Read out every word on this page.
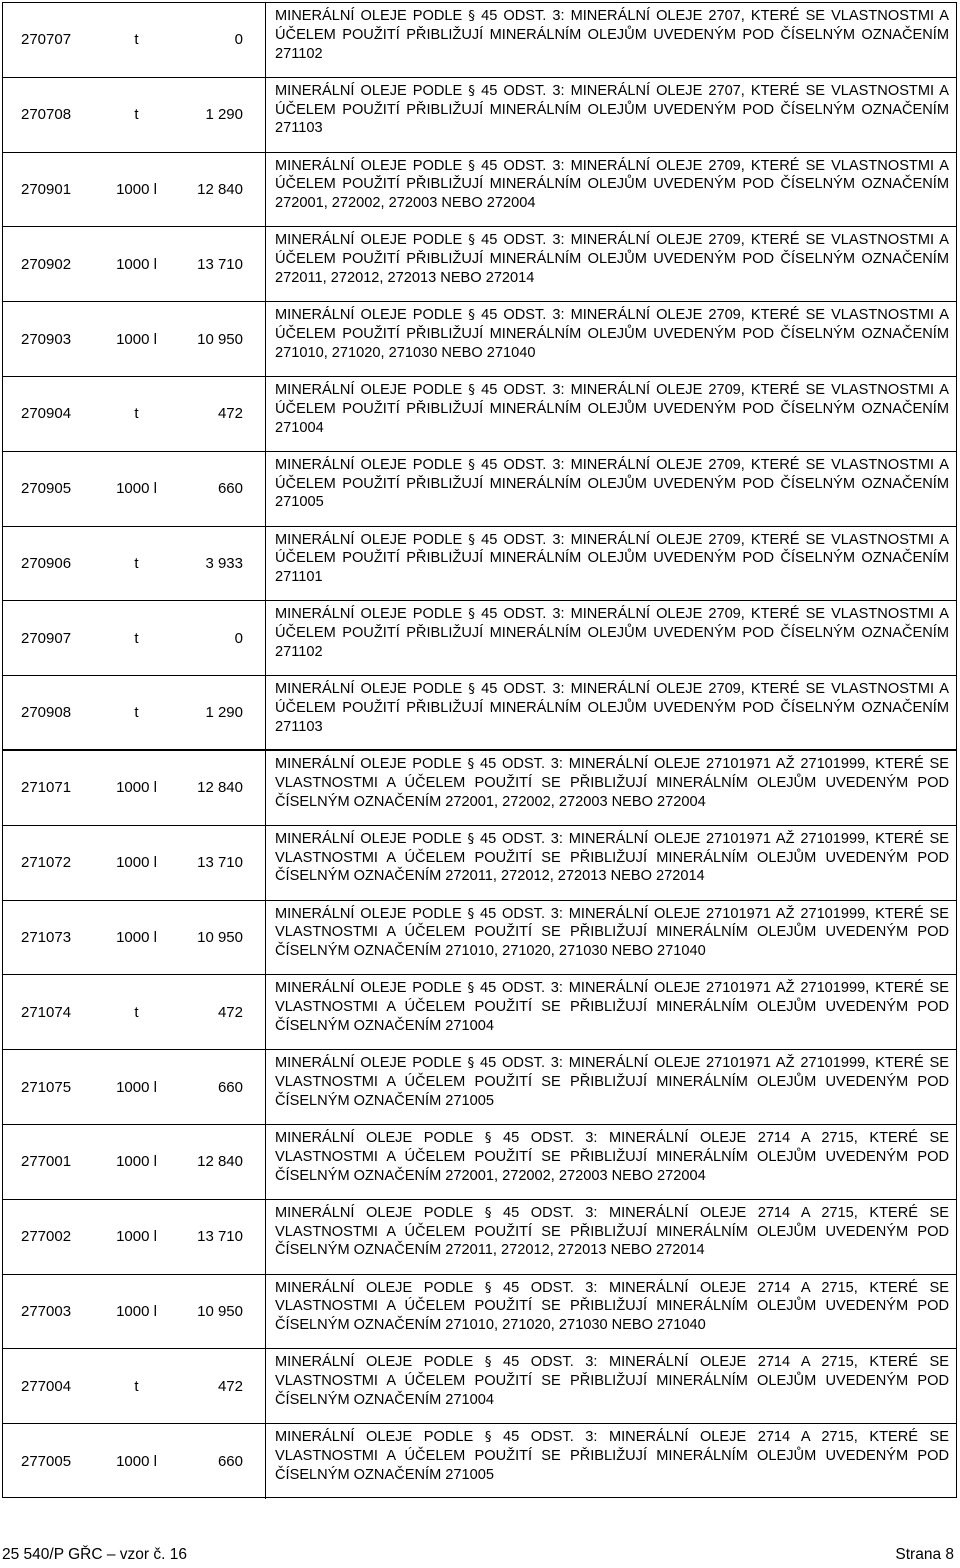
270707	t	0
MINERÁLNÍ OLEJE PODLE § 45 ODST. 3: MINERÁLNÍ OLEJE 2707, KTERÉ SE VLASTNOSTMI A ÚČELEM POUŽITÍ PŘIBLIŽUJÍ MINERÁLNÍM OLEJŮM UVEDENÝM POD ČÍSELNÝM OZNAČENÍM 271102
270708	t	1 290
MINERÁLNÍ OLEJE PODLE § 45 ODST. 3: MINERÁLNÍ OLEJE 2707, KTERÉ SE VLASTNOSTMI A ÚČELEM POUŽITÍ PŘIBLIŽUJÍ MINERÁLNÍM OLEJŮM UVEDENÝM POD ČÍSELNÝM OZNAČENÍM 271103
270901	1000 l	12 840
MINERÁLNÍ OLEJE PODLE § 45 ODST. 3: MINERÁLNÍ OLEJE 2709, KTERÉ SE VLASTNOSTMI A ÚČELEM POUŽITÍ PŘIBLIŽUJÍ MINERÁLNÍM OLEJŮM UVEDENÝM POD ČÍSELNÝM OZNAČENÍM 272001, 272002, 272003 NEBO 272004
270902	1000 l	13 710
MINERÁLNÍ OLEJE PODLE § 45 ODST. 3: MINERÁLNÍ OLEJE 2709, KTERÉ SE VLASTNOSTMI A ÚČELEM POUŽITÍ PŘIBLIŽUJÍ MINERÁLNÍM OLEJŮM UVEDENÝM POD ČÍSELNÝM OZNAČENÍM 272011, 272012, 272013 NEBO 272014
270903	1000 l	10 950
MINERÁLNÍ OLEJE PODLE § 45 ODST. 3: MINERÁLNÍ OLEJE 2709, KTERÉ SE VLASTNOSTMI A ÚČELEM POUŽITÍ PŘIBLIŽUJÍ MINERÁLNÍM OLEJŮM UVEDENÝM POD ČÍSELNÝM OZNAČENÍM 271010, 271020, 271030 NEBO 271040
270904	t	472
MINERÁLNÍ OLEJE PODLE § 45 ODST. 3: MINERÁLNÍ OLEJE 2709, KTERÉ SE VLASTNOSTMI A ÚČELEM POUŽITÍ PŘIBLIŽUJÍ MINERÁLNÍM OLEJŮM UVEDENÝM POD ČÍSELNÝM OZNAČENÍM 271004
270905	1000 l	660
MINERÁLNÍ OLEJE PODLE § 45 ODST. 3: MINERÁLNÍ OLEJE 2709, KTERÉ SE VLASTNOSTMI A ÚČELEM POUŽITÍ PŘIBLIŽUJÍ MINERÁLNÍM OLEJŮM UVEDENÝM POD ČÍSELNÝM OZNAČENÍM 271005
270906	t	3 933
MINERÁLNÍ OLEJE PODLE § 45 ODST. 3: MINERÁLNÍ OLEJE 2709, KTERÉ SE VLASTNOSTMI A ÚČELEM POUŽITÍ PŘIBLIŽUJÍ MINERÁLNÍM OLEJŮM UVEDENÝM POD ČÍSELNÝM OZNAČENÍM 271101
270907	t	0
MINERÁLNÍ OLEJE PODLE § 45 ODST. 3: MINERÁLNÍ OLEJE 2709, KTERÉ SE VLASTNOSTMI A ÚČELEM POUŽITÍ PŘIBLIŽUJÍ MINERÁLNÍM OLEJŮM UVEDENÝM POD ČÍSELNÝM OZNAČENÍM 271102
270908	t	1 290
MINERÁLNÍ OLEJE PODLE § 45 ODST. 3: MINERÁLNÍ OLEJE 2709, KTERÉ SE VLASTNOSTMI A ÚČELEM POUŽITÍ PŘIBLIŽUJÍ MINERÁLNÍM OLEJŮM UVEDENÝM POD ČÍSELNÝM OZNAČENÍM 271103
271071	1000 l	12 840
MINERÁLNÍ OLEJE PODLE § 45 ODST. 3: MINERÁLNÍ OLEJE 27101971 AŽ 27101999, KTERÉ SE VLASTNOSTMI A ÚČELEM POUŽITÍ SE PŘIBLIŽUJÍ MINERÁLNÍM OLEJŮM UVEDENÝM POD ČÍSELNÝM OZNAČENÍM 272001, 272002, 272003 NEBO 272004
271072	1000 l	13 710
MINERÁLNÍ OLEJE PODLE § 45 ODST. 3: MINERÁLNÍ OLEJE 27101971 AŽ 27101999, KTERÉ SE VLASTNOSTMI A ÚČELEM POUŽITÍ SE PŘIBLIŽUJÍ MINERÁLNÍM OLEJŮM UVEDENÝM POD ČÍSELNÝM OZNAČENÍM 272011, 272012, 272013 NEBO 272014
271073	1000 l	10 950
MINERÁLNÍ OLEJE PODLE § 45 ODST. 3: MINERÁLNÍ OLEJE 27101971 AŽ 27101999, KTERÉ SE VLASTNOSTMI A ÚČELEM POUŽITÍ SE PŘIBLIŽUJÍ MINERÁLNÍM OLEJŮM UVEDENÝM POD ČÍSELNÝM OZNAČENÍM 271010, 271020, 271030 NEBO 271040
271074	t	472
MINERÁLNÍ OLEJE PODLE § 45 ODST. 3: MINERÁLNÍ OLEJE 27101971 AŽ 27101999, KTERÉ SE VLASTNOSTMI A ÚČELEM POUŽITÍ SE PŘIBLIŽUJÍ MINERÁLNÍM OLEJŮM UVEDENÝM POD ČÍSELNÝM OZNAČENÍM 271004
271075	1000 l	660
MINERÁLNÍ OLEJE PODLE § 45 ODST. 3: MINERÁLNÍ OLEJE 27101971 AŽ 27101999, KTERÉ SE VLASTNOSTMI A ÚČELEM POUŽITÍ SE PŘIBLIŽUJÍ MINERÁLNÍM OLEJŮM UVEDENÝM POD ČÍSELNÝM OZNAČENÍM 271005
277001	1000 l	12 840
MINERÁLNÍ OLEJE PODLE § 45 ODST. 3: MINERÁLNÍ OLEJE 2714 A 2715, KTERÉ SE VLASTNOSTMI A ÚČELEM POUŽITÍ SE PŘIBLIŽUJÍ MINERÁLNÍM OLEJŮM UVEDENÝM POD ČÍSELNÝM OZNAČENÍM 272001, 272002, 272003 NEBO 272004
277002	1000 l	13 710
MINERÁLNÍ OLEJE PODLE § 45 ODST. 3: MINERÁLNÍ OLEJE 2714 A 2715, KTERÉ SE VLASTNOSTMI A ÚČELEM POUŽITÍ SE PŘIBLIŽUJÍ MINERÁLNÍM OLEJŮM UVEDENÝM POD ČÍSELNÝM OZNAČENÍM 272011, 272012, 272013 NEBO 272014
277003	1000 l	10 950
MINERÁLNÍ OLEJE PODLE § 45 ODST. 3: MINERÁLNÍ OLEJE 2714 A 2715, KTERÉ SE VLASTNOSTMI A ÚČELEM POUŽITÍ SE PŘIBLIŽUJÍ MINERÁLNÍM OLEJŮM UVEDENÝM POD ČÍSELNÝM OZNAČENÍM 271010, 271020, 271030 NEBO 271040
277004	t	472
MINERÁLNÍ OLEJE PODLE § 45 ODST. 3: MINERÁLNÍ OLEJE 2714 A 2715, KTERÉ SE VLASTNOSTMI A ÚČELEM POUŽITÍ SE PŘIBLIŽUJÍ MINERÁLNÍM OLEJŮM UVEDENÝM POD ČÍSELNÝM OZNAČENÍM 271004
277005	1000 l	660
MINERÁLNÍ OLEJE PODLE § 45 ODST. 3: MINERÁLNÍ OLEJE 2714 A 2715, KTERÉ SE VLASTNOSTMI A ÚČELEM POUŽITÍ SE PŘIBLIŽUJÍ MINERÁLNÍM OLEJŮM UVEDENÝM POD ČÍSELNÝM OZNAČENÍM 271005
25 540/P GŘC – vzor č. 16	Strana 8
